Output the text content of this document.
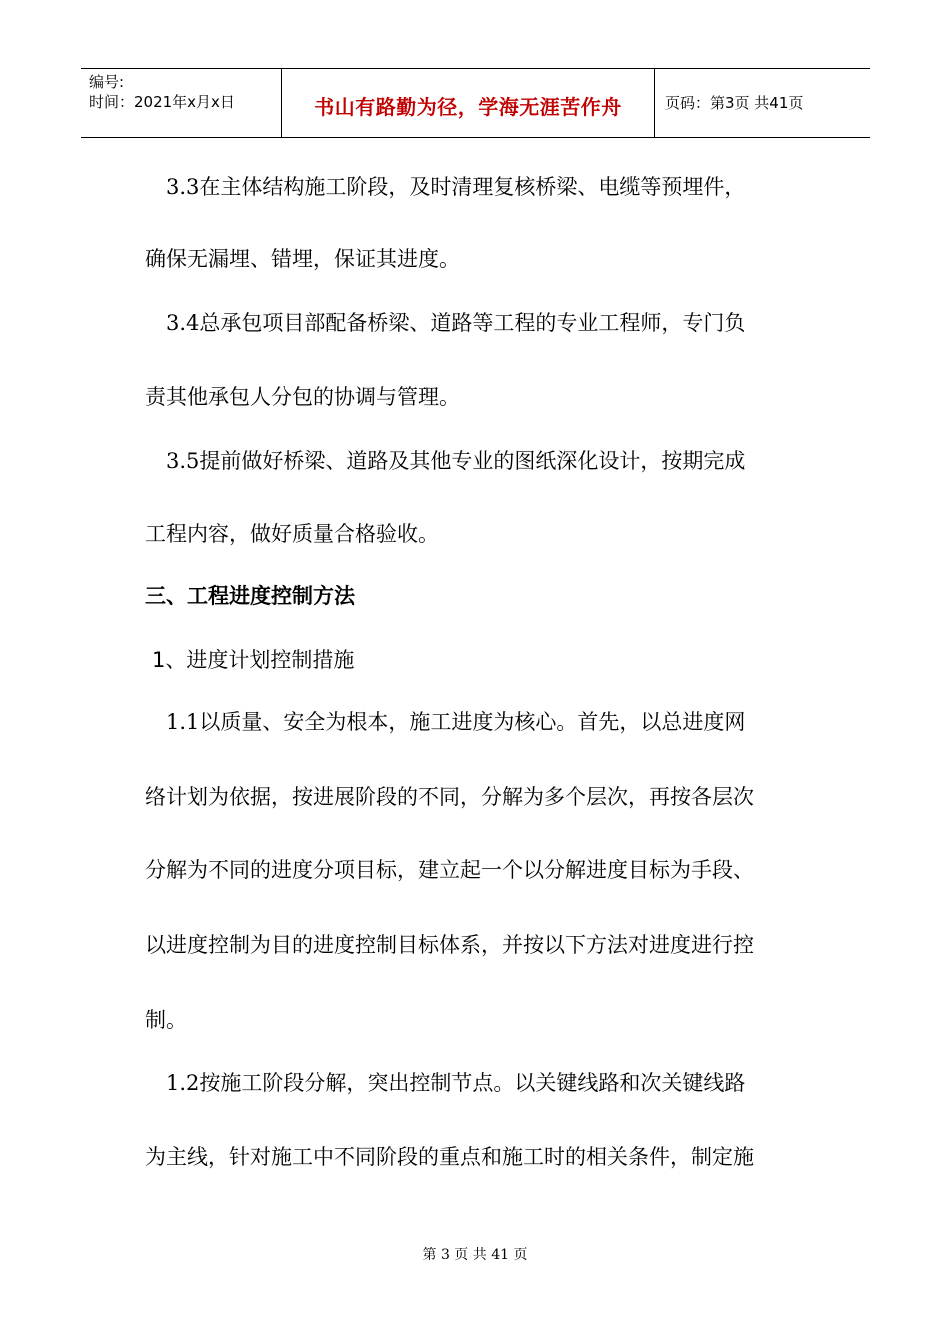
编号:
时间：2021年x月x日	书山有路勤为径，学海无涯苦作舟	页码：第3页 共41页
3.3在主体结构施工阶段，及时清理复核桥梁、电缆等预埋件，
确保无漏埋、错埋，保证其进度。
3.4总承包项目部配备桥梁、道路等工程的专业工程师，专门负
责其他承包人分包的协调与管理。
3.5提前做好桥梁、道路及其他专业的图纸深化设计，按期完成
工程内容，做好质量合格验收。
三、工程进度控制方法
1、进度计划控制措施
1.1以质量、安全为根本，施工进度为核心。首先，以总进度网
络计划为依据，按进展阶段的不同，分解为多个层次，再按各层次
分解为不同的进度分项目标，建立起一个以分解进度目标为手段、
以进度控制为目的进度控制目标体系，并按以下方法对进度进行控
制。
1.2按施工阶段分解，突出控制节点。以关键线路和次关键线路
为主线，针对施工中不同阶段的重点和施工时的相关条件，制定施
第 3 页 共 41 页
